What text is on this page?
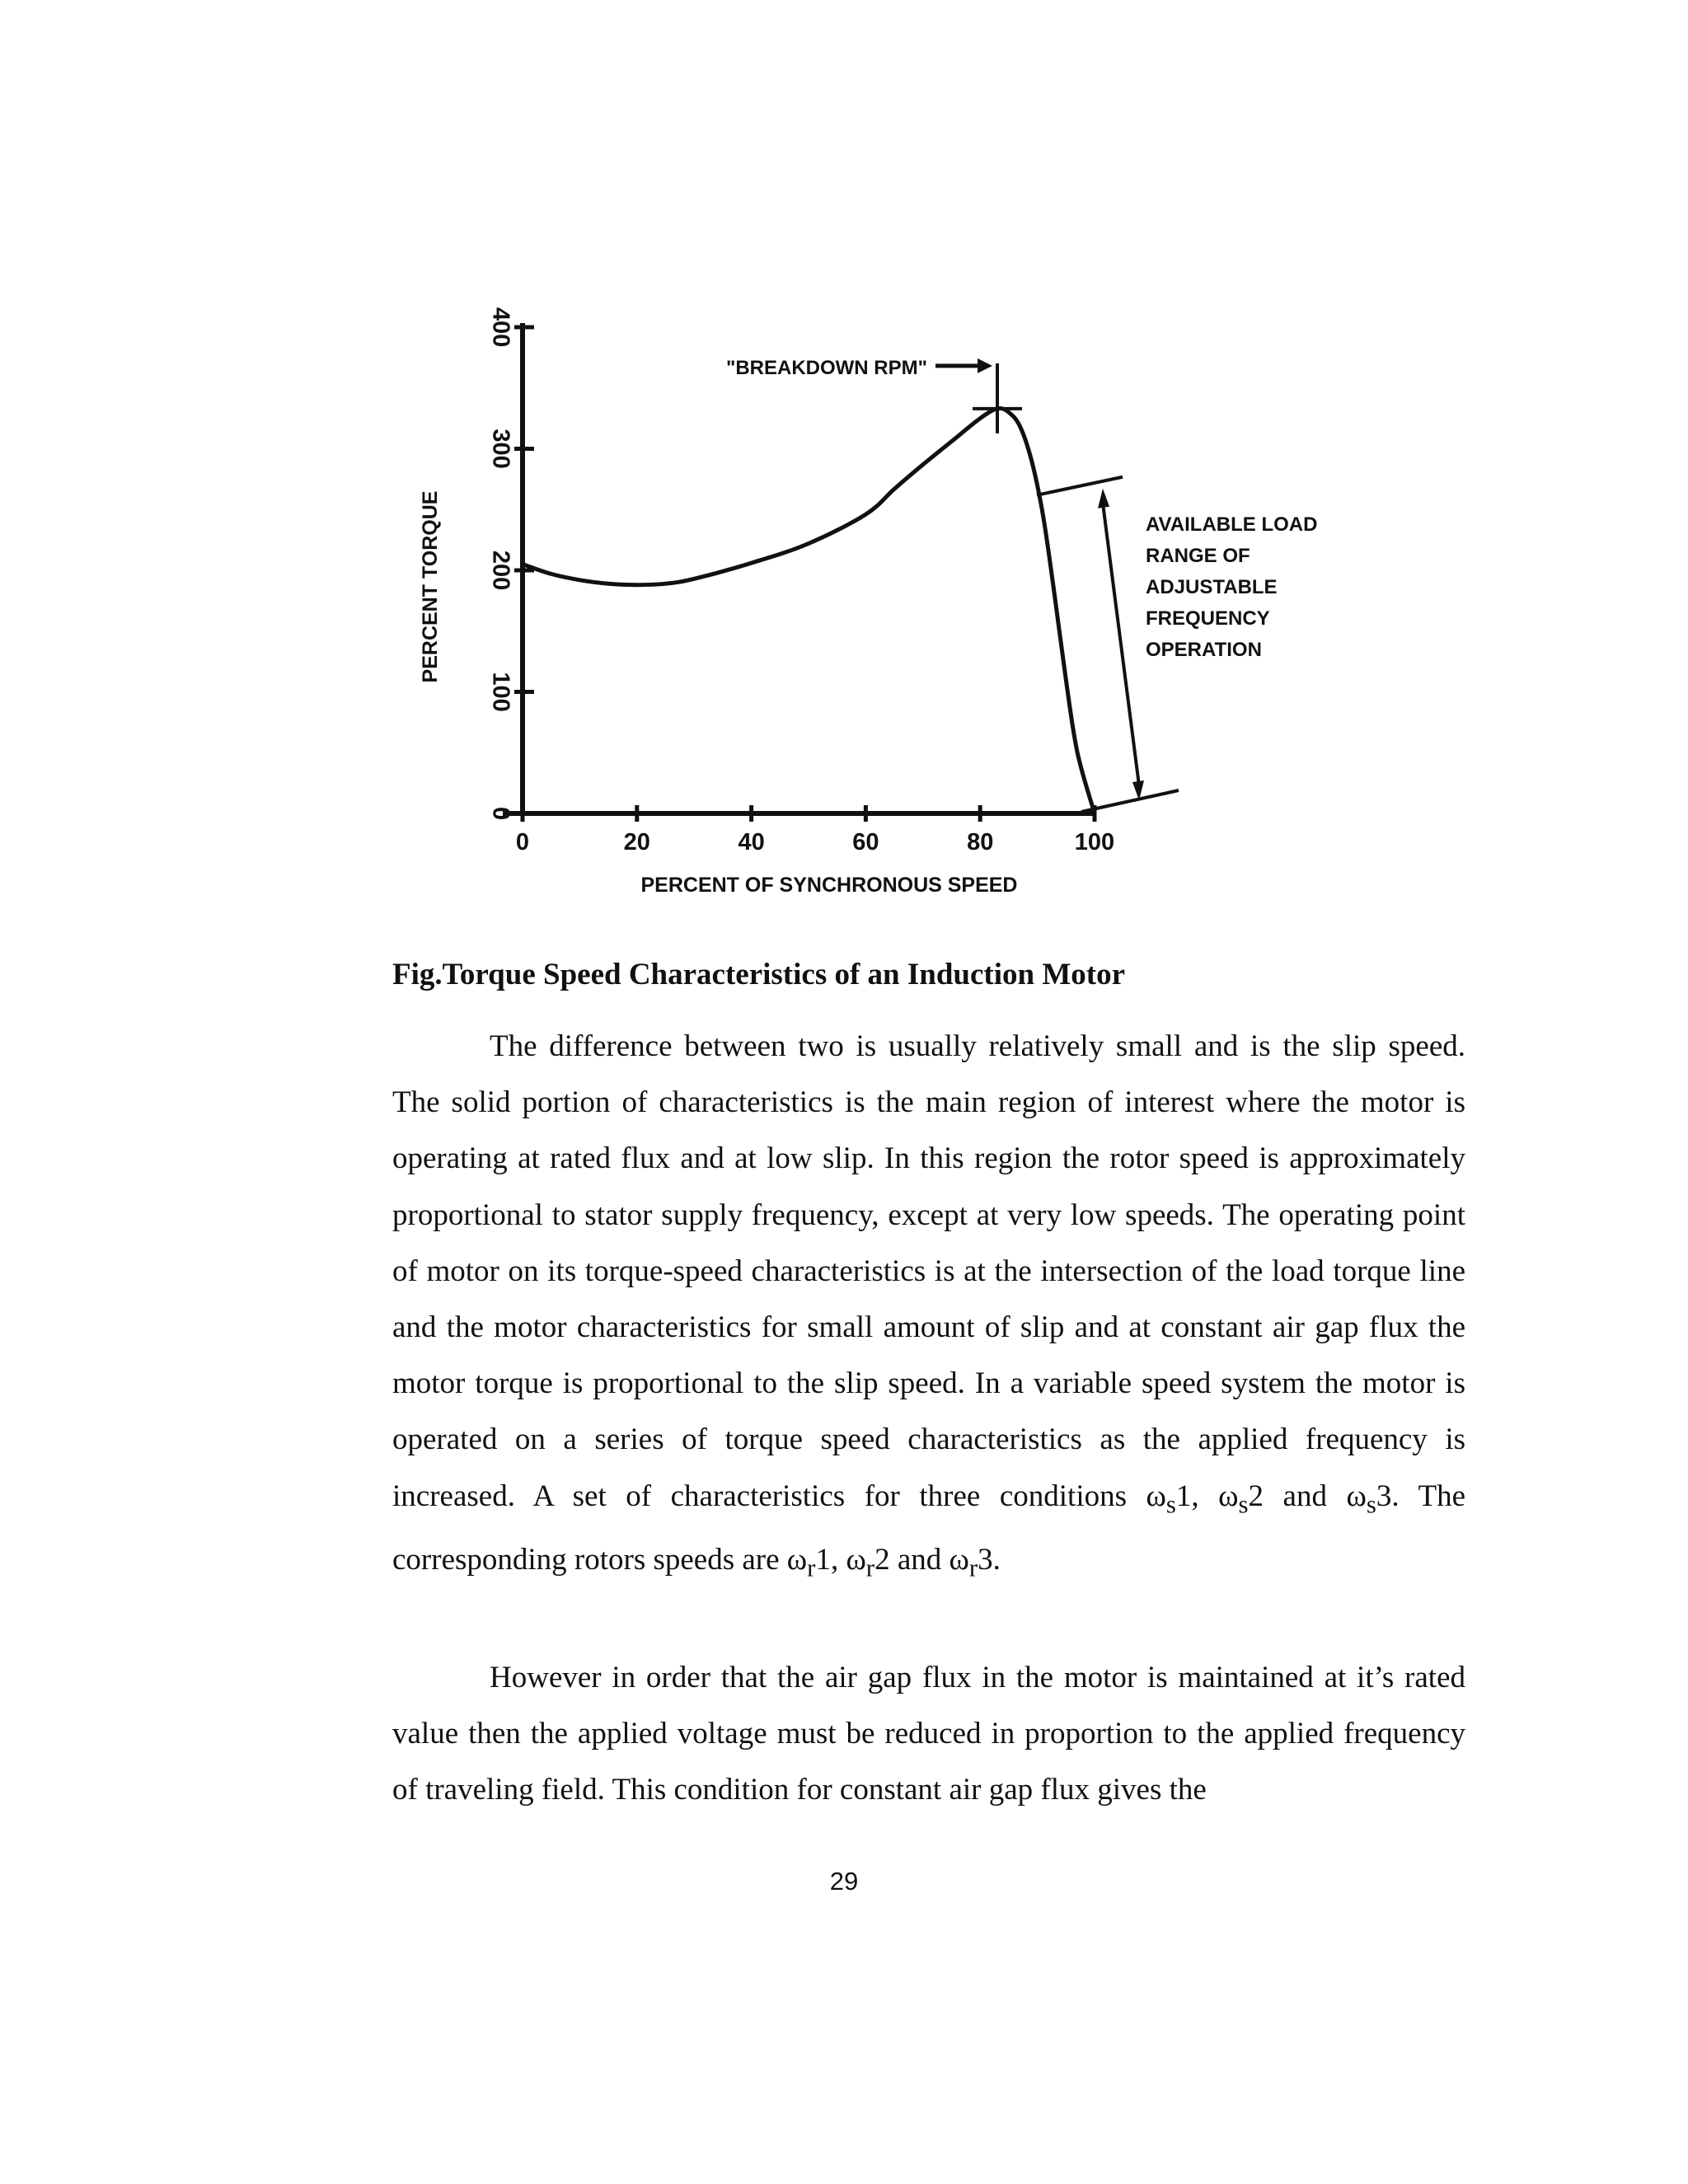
0
100
200
300
400
0	20	40	60	80	100
"BREAKDOWN RPM"
AVAILABLE LOAD
RANGE OF
ADJUSTABLE
FREQUENCY
OPERATION
PERCENT TORQUE
PERCENT OF SYNCHRONOUS SPEED

Fig.Torque Speed Characteristics of an Induction Motor

The difference between two is usually relatively small and is the slip speed. The solid portion of characteristics is the main region of interest where the motor is operating at rated flux and at low slip. In this region the rotor speed is approximately proportional to stator supply frequency, except at very low speeds. The operating point of motor on its torque-speed characteristics is at the intersection of the load torque line and the motor characteristics for small amount of slip and at constant air gap flux the motor torque is proportional to the slip speed. In a variable speed system the motor is operated on a series of torque speed characteristics as the applied frequency is increased. A set of characteristics for three conditions $\omega_s1$, $\omega_s2$ and $\omega_s3$. The corresponding rotors speeds are $\omega_r1$, $\omega_r2$ and $\omega_r3$.

However in order that the air gap flux in the motor is maintained at it’s rated value then the applied voltage must be reduced in proportion to the applied frequency of traveling field. This condition for constant air gap flux gives the

29
